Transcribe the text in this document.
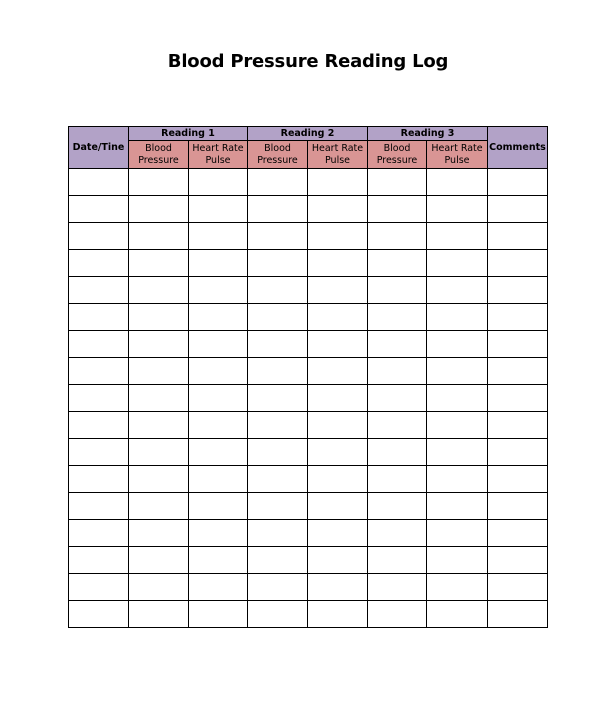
Blood Pressure Reading Log
Date/Tine	Reading 1		Reading 2		Reading 3		Comments
	Blood Pressure	Heart Rate Pulse	Blood Pressure	Heart Rate Pulse	Blood Pressure	Heart Rate Pulse	
